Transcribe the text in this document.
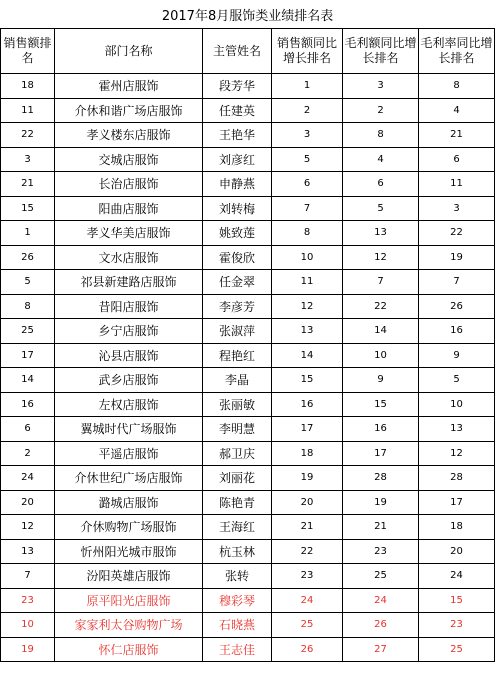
2017年8月服饰类业绩排名表					
销售额排名	部门名称	主管姓名	销售额同比增长排名	毛利额同比增长排名	毛利率同比增长排名
18	霍州店服饰	段芳华	1	3	8
11	介休和谐广场店服饰	任建英	2	2	4
22	孝义楼东店服饰	王艳华	3	8	21
3	交城店服饰	刘彦红	5	4	6
21	长治店服饰	申静燕	6	6	11
15	阳曲店服饰	刘转梅	7	5	3
1	孝义华美店服饰	姚致莲	8	13	22
26	文水店服饰	霍俊欣	10	12	19
5	祁县新建路店服饰	任金翠	11	7	7
8	昔阳店服饰	李彦芳	12	22	26
25	乡宁店服饰	张淑萍	13	14	16
17	沁县店服饰	程艳红	14	10	9
14	武乡店服饰	李晶	15	9	5
16	左权店服饰	张丽敏	16	15	10
6	翼城时代广场服饰	李明慧	17	16	13
2	平遥店服饰	郝卫庆	18	17	12
24	介休世纪广场店服饰	刘丽花	19	28	28
20	潞城店服饰	陈艳青	20	19	17
12	介休购物广场服饰	王海红	21	21	18
13	忻州阳光城市服饰	杭玉林	22	23	20
7	汾阳英雄店服饰	张转	23	25	24
23	原平阳光店服饰	穆彩琴	24	24	15
10	家家利太谷购物广场	石晓燕	25	26	23
19	怀仁店服饰	王志佳	26	27	25
